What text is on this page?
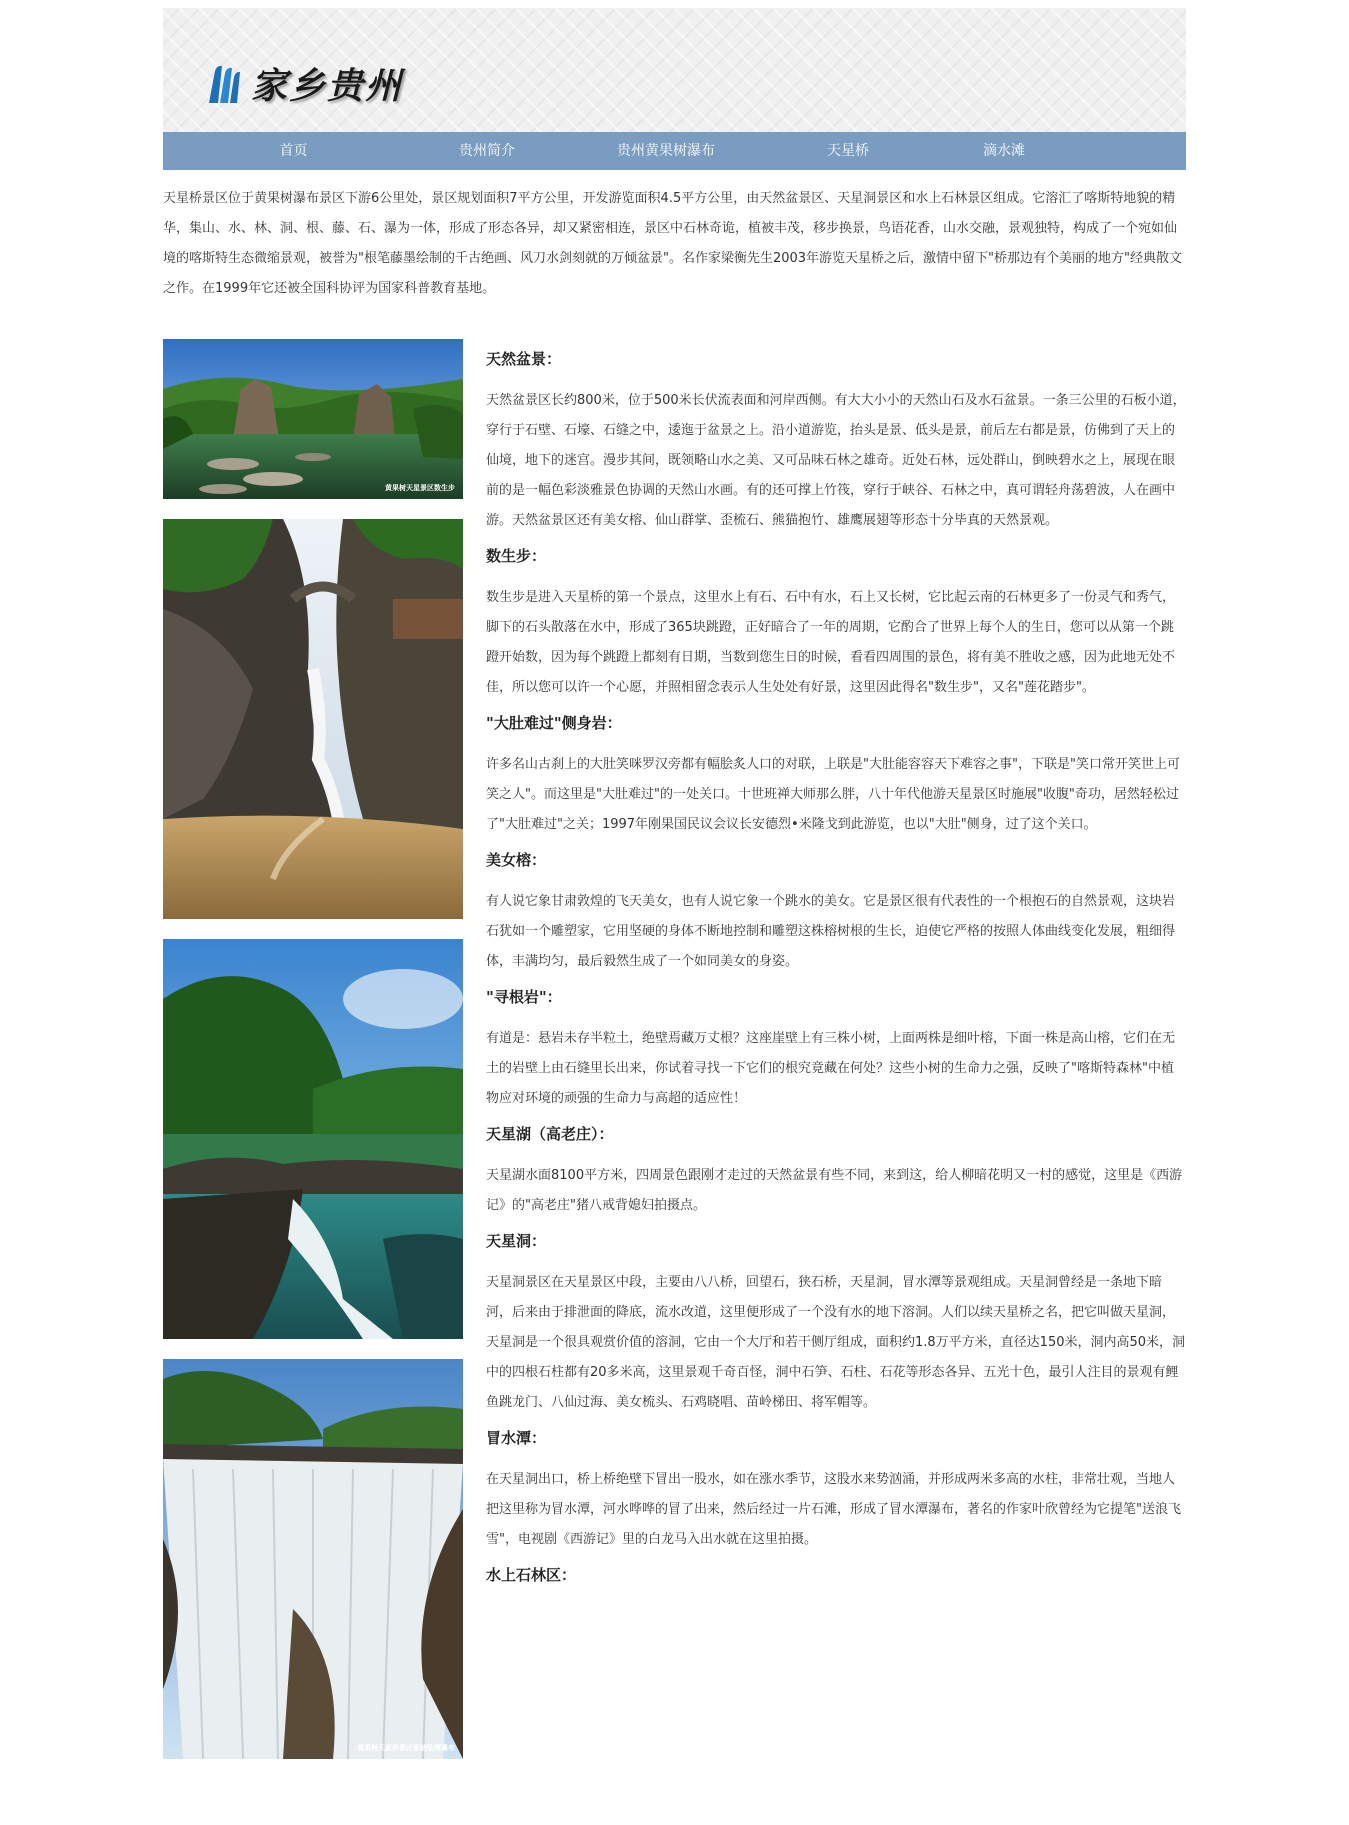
家乡贵州
首页	贵州简介	贵州黄果树瀑布	天星桥	滴水滩

天星桥景区位于黄果树瀑布景区下游6公里处，景区规划面积7平方公里，开发游览面积4.5平方公里，由天然盆景区、天星洞景区和水上石林景区组成。它溶汇了喀斯特地貌的精华，集山、水、林、洞、根、藤、石、瀑为一体，形成了形态各异，却又紧密相连，景区中石林奇诡，植被丰茂，移步换景，鸟语花香，山水交融，景观独特，构成了一个宛如仙境的喀斯特生态微缩景观，被誉为"根笔藤墨绘制的千古绝画、风刀水剑刻就的万倾盆景"。名作家梁衡先生2003年游览天星桥之后，激情中留下"桥那边有个美丽的地方"经典散文之作。在1999年它还被全国科协评为国家科普教育基地。

黄果树天星景区数生步
黄果树天星桥景区银链坠潭瀑布
天然盆景：

天然盆景区长约800米，位于500米长伏流表面和河岸西侧。有大大小小的天然山石及水石盆景。一条三公里的石板小道，穿行于石壁、石壕、石缝之中，逶迤于盆景之上。沿小道游览，抬头是景、低头是景，前后左右都是景，仿佛到了天上的仙境，地下的迷宫。漫步其间，既领略山水之美、又可品味石林之雄奇。近处石林，远处群山，倒映碧水之上，展现在眼前的是一幅色彩淡雅景色协调的天然山水画。有的还可撑上竹筏，穿行于峡谷、石林之中，真可谓轻舟荡碧波，人在画中游。天然盆景区还有美女榕、仙山群掌、歪梳石、熊猫抱竹、雄鹰展翅等形态十分毕真的天然景观。

数生步：

数生步是进入天星桥的第一个景点，这里水上有石、石中有水，石上又长树，它比起云南的石林更多了一份灵气和秀气，脚下的石头散落在水中，形成了365块跳蹬，正好暗合了一年的周期，它酌合了世界上每个人的生日，您可以从第一个跳蹬开始数，因为每个跳蹬上都刻有日期，当数到您生日的时候，看看四周围的景色，将有美不胜收之感，因为此地无处不佳，所以您可以许一个心愿，并照相留念表示人生处处有好景，这里因此得名"数生步"，又名"莲花踏步"。

"大肚难过"侧身岩：

许多名山古刹上的大肚笑咪罗汉旁都有幅脍炙人口的对联，上联是"大肚能容容天下难容之事"，下联是"笑口常开笑世上可笑之人"。而这里是"大肚难过"的一处关口。十世班禅大师那么胖，八十年代他游天星景区时施展"收腹"奇功，居然轻松过了"大肚难过"之关；1997年刚果国民议会议长安德烈•米隆戈到此游览，也以"大肚"侧身，过了这个关口。

美女榕：

有人说它象甘肃敦煌的飞天美女，也有人说它象一个跳水的美女。它是景区很有代表性的一个根抱石的自然景观，这块岩石犹如一个雕塑家，它用坚硬的身体不断地控制和雕塑这株榕树根的生长，迫使它严格的按照人体曲线变化发展，粗细得体，丰满均匀，最后毅然生成了一个如同美女的身姿。

"寻根岩"：

有道是：悬岩未存半粒土，绝壁焉藏万丈根？这座崖壁上有三株小树，上面两株是细叶榕，下面一株是高山榕，它们在无土的岩壁上由石缝里长出来，你试着寻找一下它们的根究竟藏在何处？这些小树的生命力之强，反映了"喀斯特森林"中植物应对环境的顽强的生命力与高超的适应性！

天星湖（高老庄）：

天星湖水面8100平方米，四周景色跟刚才走过的天然盆景有些不同，来到这，给人柳暗花明又一村的感觉，这里是《西游记》的"高老庄"猪八戒背媳妇拍摄点。

天星洞：

天星洞景区在天星景区中段，主要由八八桥，回望石，狭石桥，天星洞，冒水潭等景观组成。天星洞曾经是一条地下暗河，后来由于排泄面的降底，流水改道，这里便形成了一个没有水的地下溶洞。人们以续天星桥之名，把它叫做天星洞，天星洞是一个很具观赏价值的溶洞，它由一个大厅和若干侧厅组成，面积约1.8万平方米，直径达150米，洞内高50米，洞中的四根石柱都有20多米高，这里景观千奇百怪，洞中石笋、石柱、石花等形态各异、五光十色，最引人注目的景观有鲤鱼跳龙门、八仙过海、美女梳头、石鸡晓唱、苗岭梯田、将军帽等。

冒水潭：

在天星洞出口，桥上桥绝壁下冒出一股水，如在涨水季节，这股水来势汹涌，并形成两米多高的水柱，非常壮观，当地人把这里称为冒水潭，河水哗哗的冒了出来，然后经过一片石滩，形成了冒水潭瀑布，著名的作家叶欣曾经为它提笔"送浪飞雪"，电视剧《西游记》里的白龙马入出水就在这里拍摄。

水上石林区：
